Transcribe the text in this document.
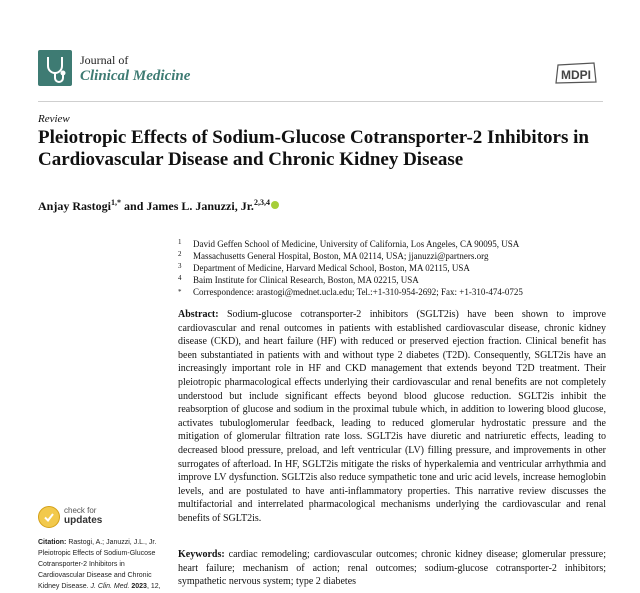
Journal of
Clinical Medicine	MDPI
Review
Pleiotropic Effects of Sodium-Glucose Cotransporter-2 Inhibitors in Cardiovascular Disease and Chronic Kidney Disease
Anjay Rastogi$^{1,*}$ and James L. Januzzi, Jr.$^{2,3,4}$
1 David Geffen School of Medicine, University of California, Los Angeles, CA 90095, USA
2 Massachusetts General Hospital, Boston, MA 02114, USA; jjanuzzi@partners.org
3 Department of Medicine, Harvard Medical School, Boston, MA 02115, USA
4 Baim Institute for Clinical Research, Boston, MA 02215, USA
* Correspondence: arastogi@mednet.ucla.edu; Tel.:+1-310-954-2692; Fax: +1-310-474-0725
Abstract: Sodium-glucose cotransporter-2 inhibitors (SGLT2is) have been shown to improve cardiovascular and renal outcomes in patients with established cardiovascular disease, chronic kidney disease (CKD), and heart failure (HF) with reduced or preserved ejection fraction. Clinical benefit has been substantiated in patients with and without type 2 diabetes (T2D). Consequently, SGLT2is have an increasingly important role in HF and CKD management that extends beyond T2D treatment. Their pleiotropic pharmacological effects underlying their cardiovascular and renal benefits are not completely understood but include significant effects beyond blood glucose reduction. SGLT2is inhibit the reabsorption of glucose and sodium in the proximal tubule which, in addition to lowering blood glucose, activates tubuloglomerular feedback, leading to reduced glomerular hydrostatic pressure and the mitigation of glomerular filtration rate loss. SGLT2is have diuretic and natriuretic effects, leading to decreased blood pressure, preload, and left ventricular (LV) filling pressure, and improvements in other surrogates of afterload. In HF, SGLT2is mitigate the risks of hyperkalemia and ventricular arrhythmia and improve LV dysfunction. SGLT2is also reduce sympathetic tone and uric acid levels, increase hemoglobin levels, and are postulated to have anti-inflammatory properties. This narrative review discusses the multifactorial and interrelated pharmacological mechanisms underlying the cardiovascular and renal benefits of SGLT2is.
Keywords: cardiac remodeling; cardiovascular outcomes; chronic kidney disease; glomerular pressure; heart failure; mechanism of action; renal outcomes; sodium-glucose cotransporter-2 inhibitors; sympathetic nervous system; type 2 diabetes
check for
updates
Citation: Rastogi, A.; Januzzi, J.L., Jr. Pleiotropic Effects of Sodium-Glucose Cotransporter-2 Inhibitors in Cardiovascular Disease and Chronic Kidney Disease. J. Clin. Med. 2023, 12,
